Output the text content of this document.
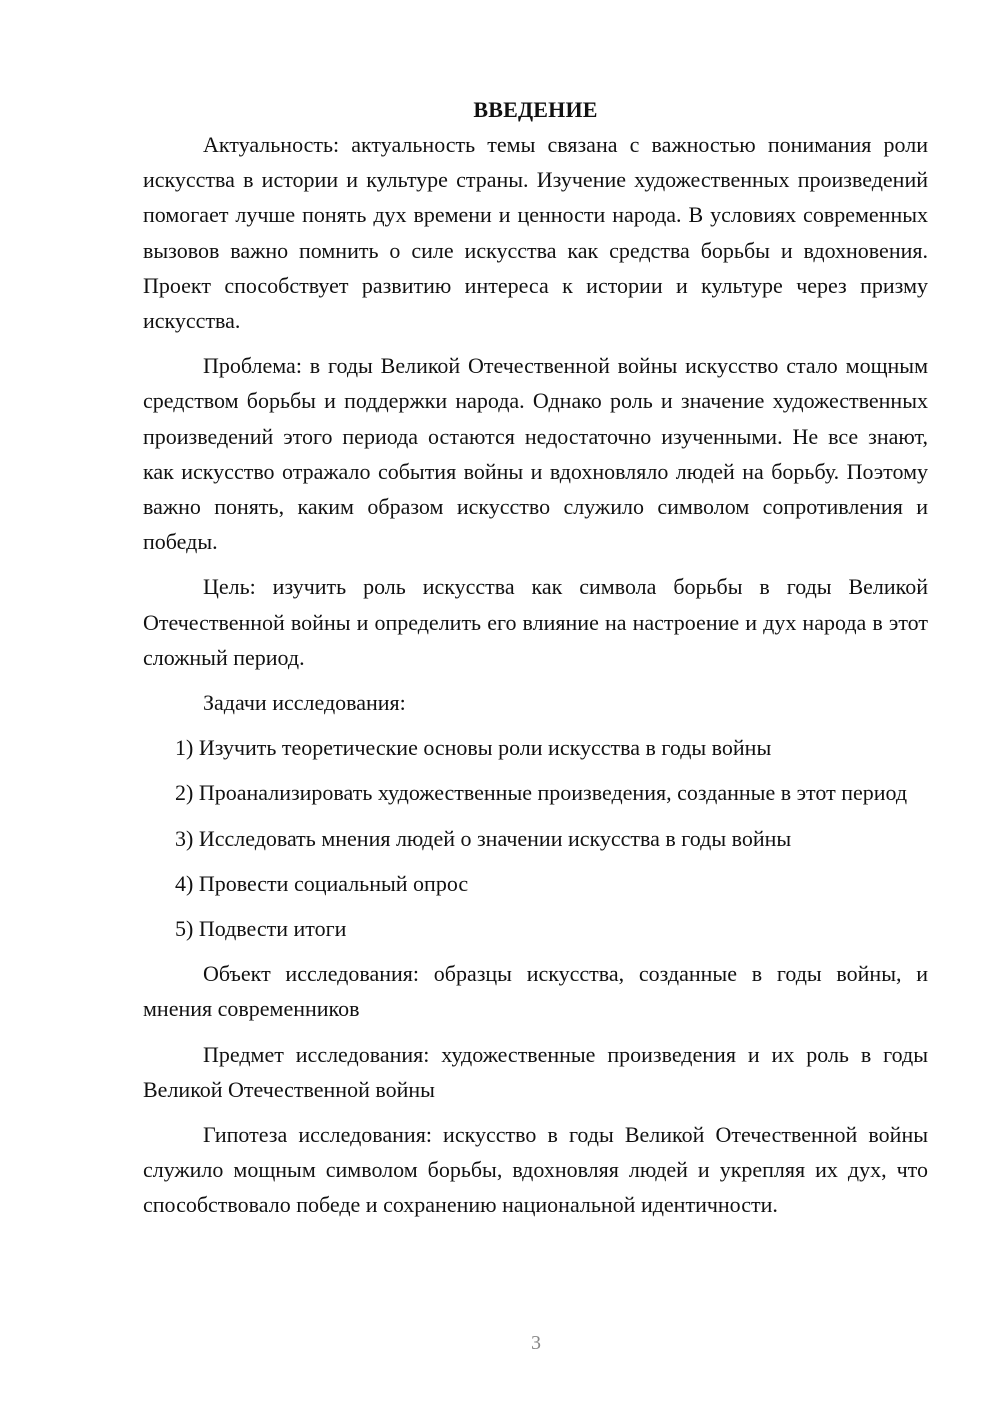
ВВЕДЕНИЕ

Актуальность: актуальность темы связана с важностью понимания роли искусства в истории и культуре страны. Изучение художественных произведений помогает лучше понять дух времени и ценности народа. В условиях современных вызовов важно помнить о силе искусства как средства борьбы и вдохновения. Проект способствует развитию интереса к истории и культуре через призму искусства.

Проблема: в годы Великой Отечественной войны искусство стало мощным средством борьбы и поддержки народа. Однако роль и значение художественных произведений этого периода остаются недостаточно изученными. Не все знают, как искусство отражало события войны и вдохновляло людей на борьбу. Поэтому важно понять, каким образом искусство служило символом сопротивления и победы.

Цель: изучить роль искусства как символа борьбы в годы Великой Отечественной войны и определить его влияние на настроение и дух народа в этот сложный период.

Задачи исследования:

1) Изучить теоретические основы роли искусства в годы войны

2) Проанализировать художественные произведения, созданные в этот период

3) Исследовать мнения людей о значении искусства в годы войны

4) Провести социальный опрос

5) Подвести итоги

Объект исследования: образцы искусства, созданные в годы войны, и мнения современников

Предмет исследования: художественные произведения и их роль в годы Великой Отечественной войны

Гипотеза исследования: искусство в годы Великой Отечественной войны служило мощным символом борьбы, вдохновляя людей и укрепляя их дух, что способствовало победе и сохранению национальной идентичности.

3
